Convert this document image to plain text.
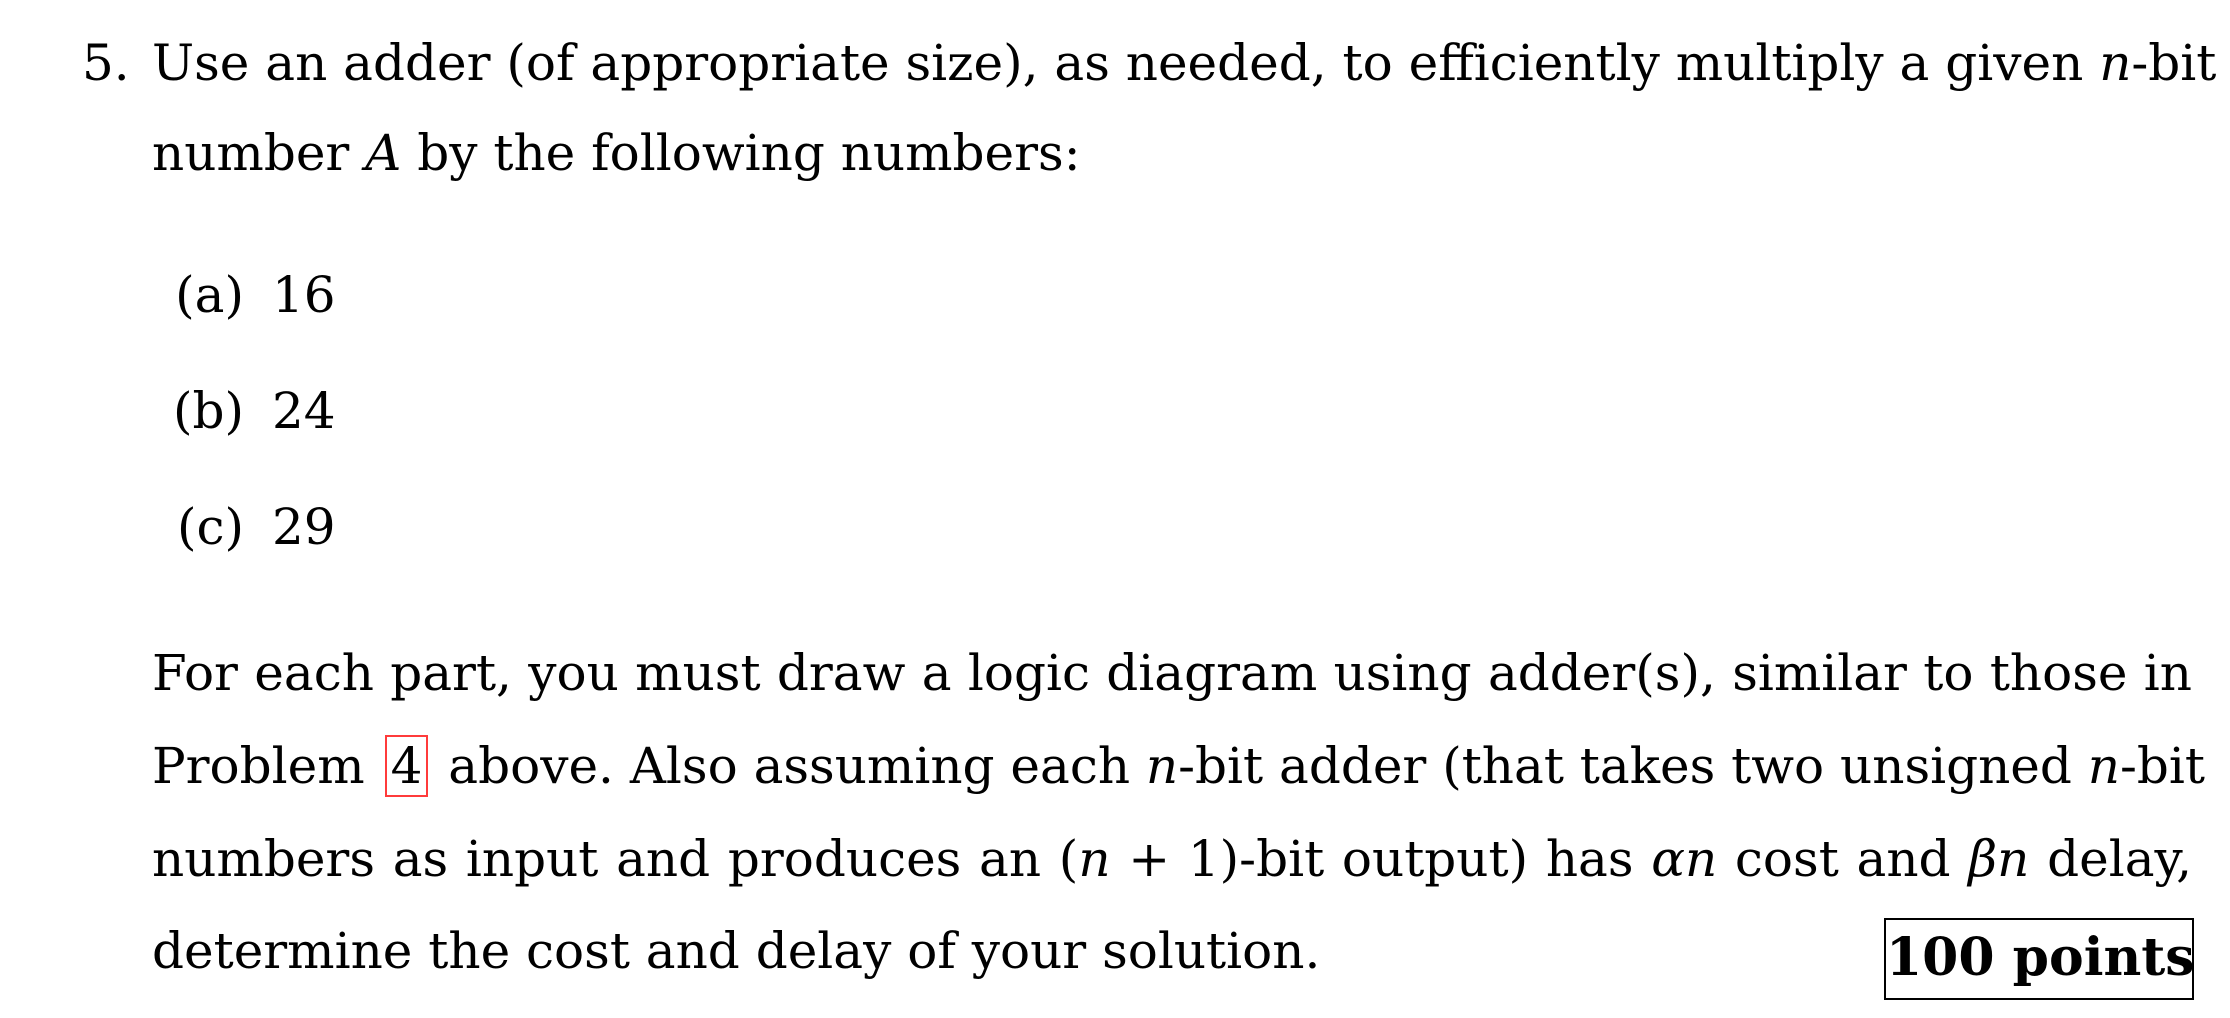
5. Use an adder (of appropriate size), as needed, to efficiently multiply a given n-bit
number A by the following numbers:
(a) 16
(b) 24
(c) 29
For each part, you must draw a logic diagram using adder(s), similar to those in
Problem 4 above. Also assuming each n-bit adder (that takes two unsigned n-bit
numbers as input and produces an (n + 1)-bit output) has αn cost and βn delay,
determine the cost and delay of your solution.	100 points
